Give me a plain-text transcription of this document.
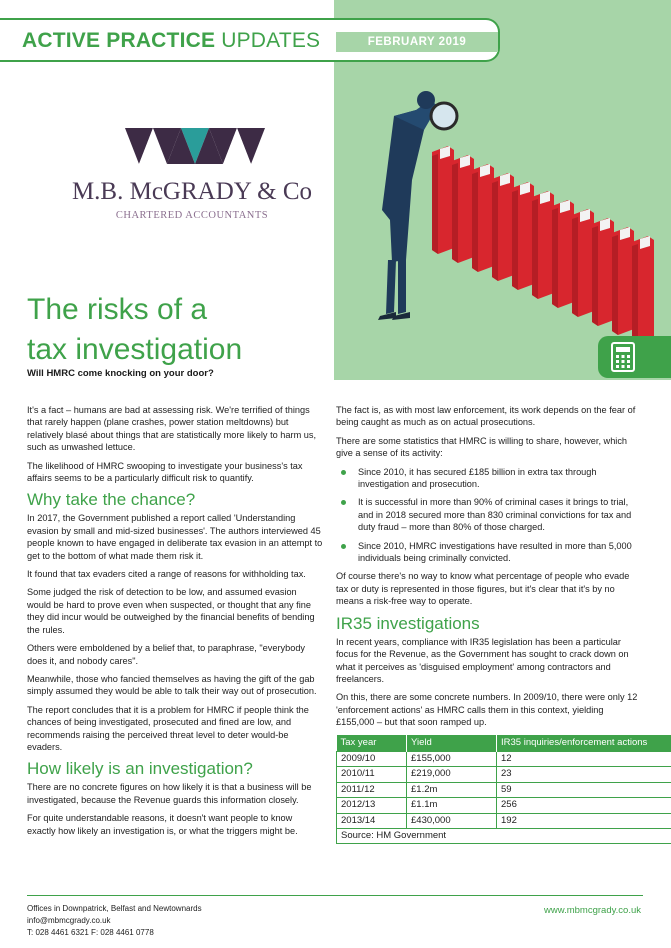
ACTIVE PRACTICE UPDATES	FEBRUARY 2019
M.B. McGRADY & Co
CHARTERED ACCOUNTANTS
The risks of a
tax investigation
Will HMRC come knocking on your door?

It's a fact – humans are bad at assessing risk. We're terrified of things that rarely happen (plane crashes, power station meltdowns) but relatively blasé about things that are statistically more likely to harm us, such as unwashed lettuce.

The likelihood of HMRC swooping to investigate your business's tax affairs seems to be a particularly difficult risk to quantify.

Why take the chance?

In 2017, the Government published a report called 'Understanding evasion by small and mid-sized businesses'. The authors interviewed 45 people known to have engaged in deliberate tax evasion in an attempt to get to the bottom of what made them risk it.

It found that tax evaders cited a range of reasons for withholding tax.

Some judged the risk of detection to be low, and assumed evasion would be hard to prove even when suspected, or thought that any fine they did incur would be outweighed by the financial benefits of bending the rules.

Others were emboldened by a belief that, to paraphrase, "everybody does it, and nobody cares".

Meanwhile, those who fancied themselves as having the gift of the gab simply assumed they would be able to talk their way out of prosecution.

The report concludes that it is a problem for HMRC if people think the chances of being investigated, prosecuted and fined are low, and recommends raising the perceived threat level to deter would-be evaders.

How likely is an investigation?

There are no concrete figures on how likely it is that a business will be investigated, because the Revenue guards this information closely.

For quite understandable reasons, it doesn't want people to know exactly how likely an investigation is, or what the triggers might be.

The fact is, as with most law enforcement, its work depends on the fear of being caught as much as on actual prosecutions.

There are some statistics that HMRC is willing to share, however, which give a sense of its activity:

Since 2010, it has secured £185 billion in extra tax through investigation and prosecution.
It is successful in more than 90% of criminal cases it brings to trial, and in 2018 secured more than 830 criminal convictions for tax and duty fraud – more than 80% of those charged.
Since 2010, HMRC investigations have resulted in more than 5,000 individuals being criminally convicted.

Of course there's no way to know what percentage of people who evade tax or duty is represented in those figures, but it's clear that it's by no means a risk-free way to operate.

IR35 investigations

In recent years, compliance with IR35 legislation has been a particular focus for the Revenue, as the Government has sought to crack down on what it perceives as 'disguised employment' among contractors and freelancers.

On this, there are some concrete numbers. In 2009/10, there were only 12 'enforcement actions' as HMRC calls them in this context, yielding £155,000 – but that soon ramped up.

Tax year	Yield	IR35 inquiries/enforcement actions
2009/10	£155,000	12
2010/11	£219,000	23
2011/12	£1.2m	59
2012/13	£1.1m	256
2013/14	£430,000	192
Source: HM Government		
Offices in Downpatrick, Belfast and Newtownards
info@mbmcgrady.co.uk
T: 028 4461 6321 F: 028 4461 0778
www.mbmcgrady.co.uk
